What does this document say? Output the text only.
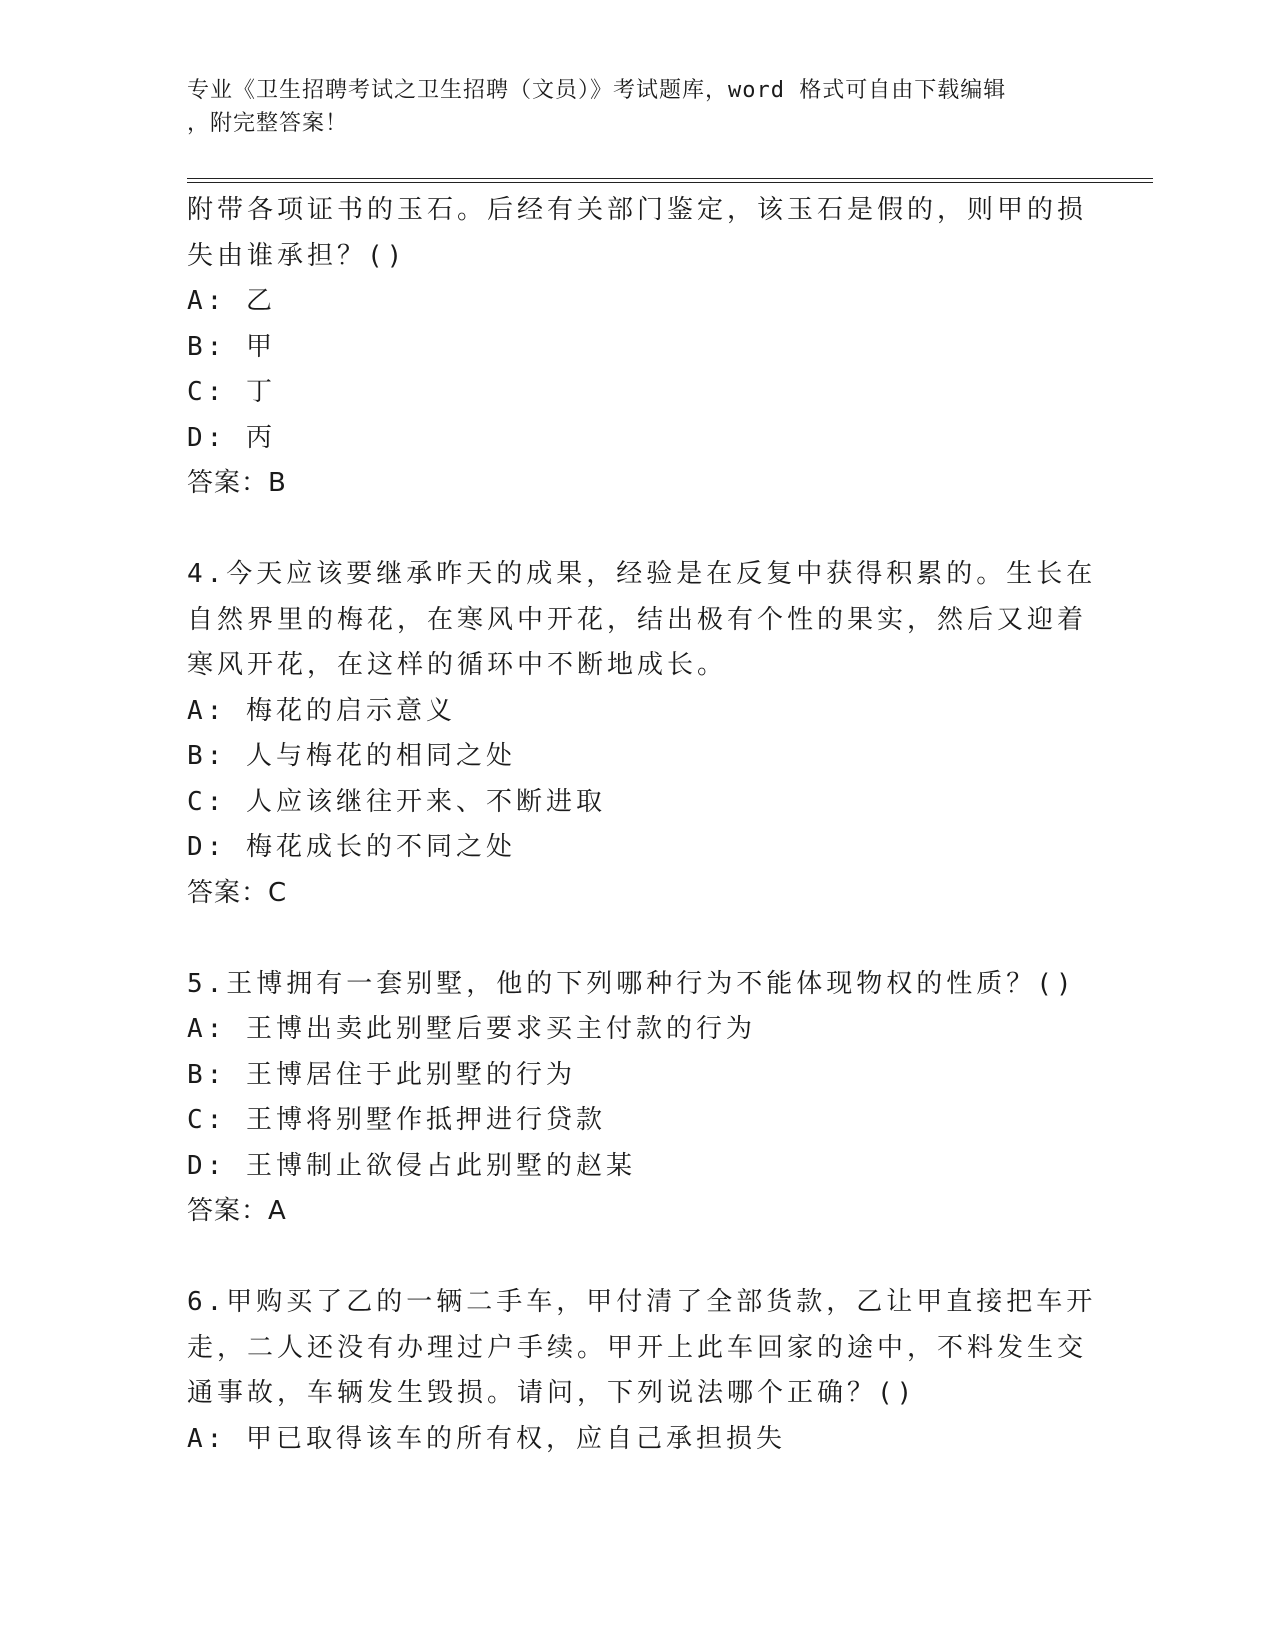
专业《卫生招聘考试之卫生招聘（文员）》考试题库，word 格式可自由下载编辑
，附完整答案！
附带各项证书的玉石。后经有关部门鉴定，该玉石是假的，则甲的损
失由谁承担？()
A: 乙
B: 甲
C: 丁
D: 丙
答案：B
4.今天应该要继承昨天的成果，经验是在反复中获得积累的。生长在
自然界里的梅花，在寒风中开花，结出极有个性的果实，然后又迎着
寒风开花，在这样的循环中不断地成长。
A: 梅花的启示意义
B: 人与梅花的相同之处
C: 人应该继往开来、不断进取
D: 梅花成长的不同之处
答案：C
5.王博拥有一套别墅，他的下列哪种行为不能体现物权的性质？()
A: 王博出卖此别墅后要求买主付款的行为
B: 王博居住于此别墅的行为
C: 王博将别墅作抵押进行贷款
D: 王博制止欲侵占此别墅的赵某
答案：A
6.甲购买了乙的一辆二手车，甲付清了全部货款，乙让甲直接把车开
走，二人还没有办理过户手续。甲开上此车回家的途中，不料发生交
通事故，车辆发生毁损。请问，下列说法哪个正确？()
A: 甲已取得该车的所有权，应自己承担损失
